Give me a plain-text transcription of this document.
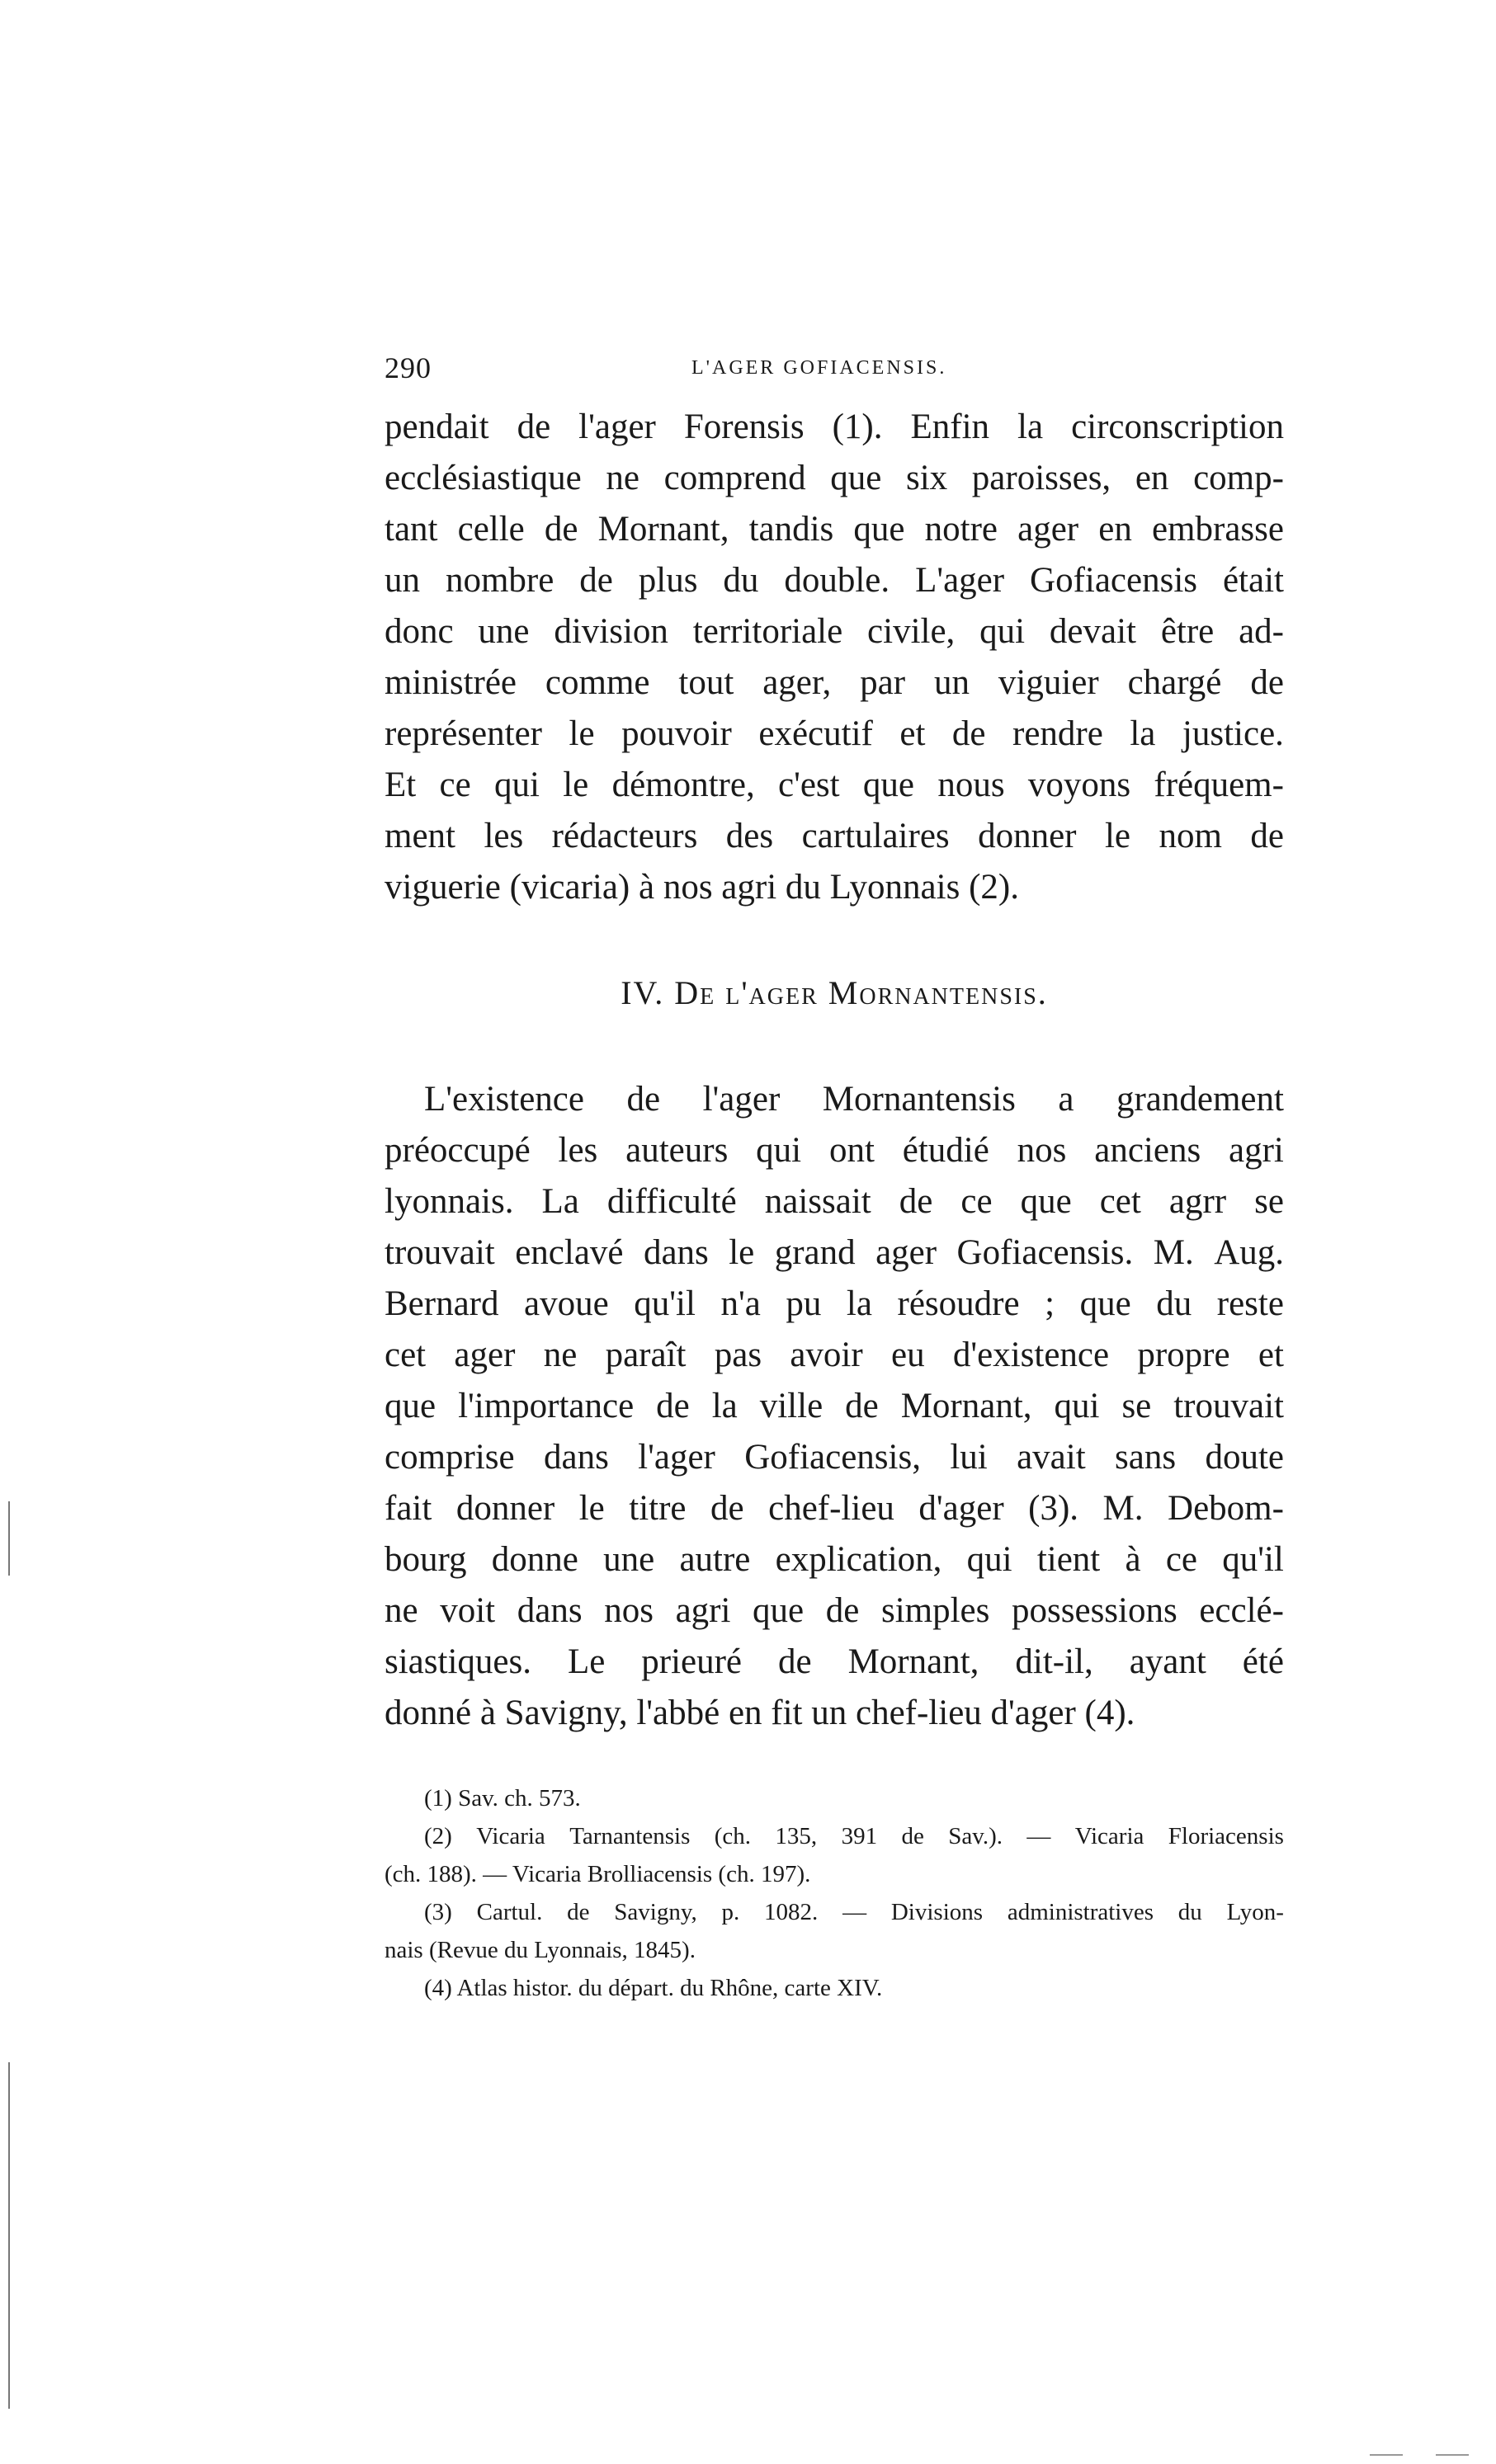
290	L'AGER GOFIACENSIS.
pendait de l'ager Forensis (1). Enfin la circonscription
ecclésiastique ne comprend que six paroisses, en comp-
tant celle de Mornant, tandis que notre ager en embrasse
un nombre de plus du double. L'ager Gofiacensis était
donc une division territoriale civile, qui devait être ad-
ministrée comme tout ager, par un viguier chargé de
représenter le pouvoir exécutif et de rendre la justice.
Et ce qui le démontre, c'est que nous voyons fréquem-
ment les rédacteurs des cartulaires donner le nom de
viguerie (vicaria) à nos agri du Lyonnais (2).
IV. De l'ager Mornantensis.
L'existence de l'ager Mornantensis a grandement
préoccupé les auteurs qui ont étudié nos anciens agri
lyonnais. La difficulté naissait de ce que cet agrr se
trouvait enclavé dans le grand ager Gofiacensis. M. Aug.
Bernard avoue qu'il n'a pu la résoudre ; que du reste
cet ager ne paraît pas avoir eu d'existence propre et
que l'importance de la ville de Mornant, qui se trouvait
comprise dans l'ager Gofiacensis, lui avait sans doute
fait donner le titre de chef-lieu d'ager (3). M. Debom-
bourg donne une autre explication, qui tient à ce qu'il
ne voit dans nos agri que de simples possessions ecclé-
siastiques. Le prieuré de Mornant, dit-il, ayant été
donné à Savigny, l'abbé en fit un chef-lieu d'ager (4).
(1) Sav. ch. 573.
(2) Vicaria Tarnantensis (ch. 135, 391 de Sav.). — Vicaria Floriacensis
(ch. 188). — Vicaria Brolliacensis (ch. 197).
(3) Cartul. de Savigny, p. 1082. — Divisions administratives du Lyon-
nais (Revue du Lyonnais, 1845).
(4) Atlas histor. du départ. du Rhône, carte XIV.
